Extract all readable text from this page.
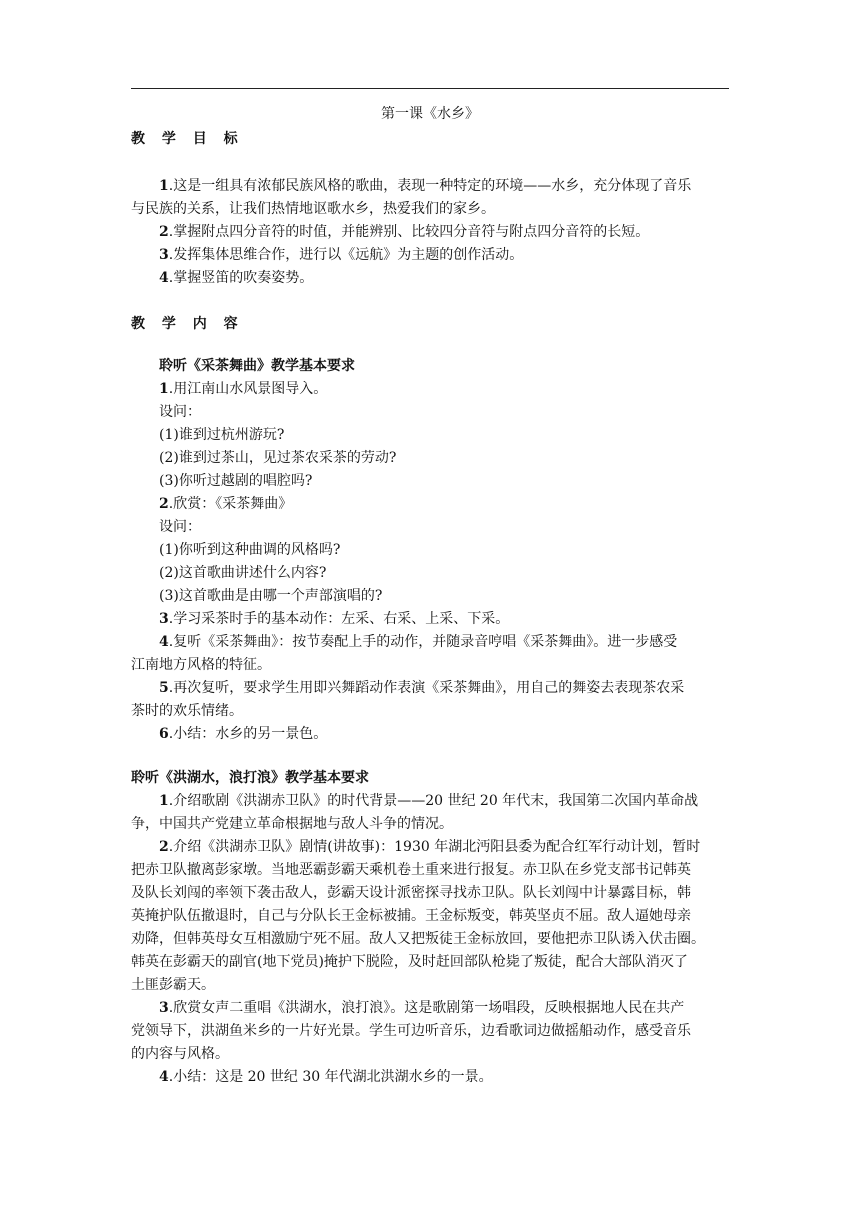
第一课《水乡》
教 学 目 标
1.这是一组具有浓郁民族风格的歌曲，表现一种特定的环境——水乡，充分体现了音乐
与民族的关系，让我们热情地讴歌水乡，热爱我们的家乡。
2.掌握附点四分音符的时值，并能辨别、比较四分音符与附点四分音符的长短。
3.发挥集体思维合作，进行以《远航》为主题的创作活动。
4.掌握竖笛的吹奏姿势。
教 学 内 容
聆听《采茶舞曲》教学基本要求
1.用江南山水风景图导入。
设问：
(1)谁到过杭州游玩?
(2)谁到过茶山，见过茶农采茶的劳动?
(3)你听过越剧的唱腔吗?
2.欣赏：《采茶舞曲》
设问：
(1)你听到这种曲调的风格吗?
(2)这首歌曲讲述什么内容?
(3)这首歌曲是由哪一个声部演唱的?
3.学习采茶时手的基本动作：左采、右采、上采、下采。
4.复听《采茶舞曲》：按节奏配上手的动作，并随录音哼唱《采茶舞曲》。进一步感受
江南地方风格的特征。
5.再次复听，要求学生用即兴舞蹈动作表演《采茶舞曲》，用自己的舞姿去表现茶农采
茶时的欢乐情绪。
6.小结：水乡的另一景色。
聆听《洪湖水，浪打浪》教学基本要求
1.介绍歌剧《洪湖赤卫队》的时代背景——20 世纪 20 年代末，我国第二次国内革命战
争，中国共产党建立革命根据地与敌人斗争的情况。
2.介绍《洪湖赤卫队》剧情(讲故事)：1930 年湖北沔阳县委为配合红军行动计划，暂时
把赤卫队撤离彭家墩。当地恶霸彭霸天乘机卷土重来进行报复。赤卫队在乡党支部书记韩英
及队长刘闯的率领下袭击敌人，彭霸天设计派密探寻找赤卫队。队长刘闯中计暴露目标，韩
英掩护队伍撤退时，自己与分队长王金标被捕。王金标叛变，韩英坚贞不屈。敌人逼她母亲
劝降，但韩英母女互相激励宁死不屈。敌人又把叛徒王金标放回，要他把赤卫队诱入伏击圈。
韩英在彭霸天的副官(地下党员)掩护下脱险，及时赶回部队枪毙了叛徒，配合大部队消灭了
土匪彭霸天。
3.欣赏女声二重唱《洪湖水，浪打浪》。这是歌剧第一场唱段，反映根据地人民在共产
党领导下，洪湖鱼米乡的一片好光景。学生可边听音乐，边看歌词边做摇船动作，感受音乐
的内容与风格。
4.小结：这是 20 世纪 30 年代湖北洪湖水乡的一景。
